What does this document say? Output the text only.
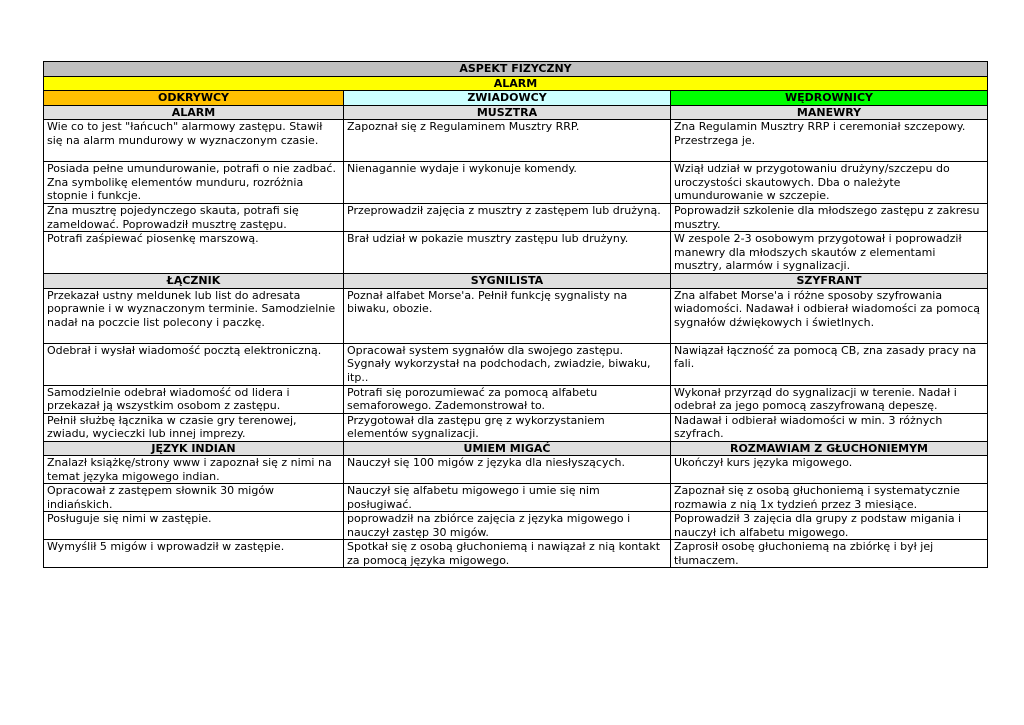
ASPEKT FIZYCZNY		
ALARM		
ODKRYWCY	ZWIADOWCY	WĘDROWNICY
ALARM	MUSZTRA	MANEWRY
Wie co to jest "łańcuch" alarmowy zastępu. Stawił się na alarm mundurowy w wyznaczonym czasie.	Zapoznał się z Regulaminem Musztry RRP.	Zna Regulamin Musztry RRP i ceremoniał szczepowy. Przestrzega je.
Posiada pełne umundurowanie, potrafi o nie zadbać. Zna symbolikę elementów munduru, rozróżnia stopnie i funkcje.	Nienagannie wydaje i wykonuje komendy.	Wziął udział w przygotowaniu drużyny/szczepu do uroczystości skautowych. Dba o należyte umundurowanie w szczepie.
Zna musztrę pojedynczego skauta, potrafi się zameldować. Poprowadził musztrę zastępu.	Przeprowadził zajęcia z musztry z zastępem lub drużyną.	Poprowadził szkolenie dla młodszego zastępu z zakresu musztry.
Potrafi zaśpiewać piosenkę marszową.	Brał udział w pokazie musztry zastępu lub drużyny.	W zespole 2-3 osobowym przygotował i poprowadził manewry dla młodszych skautów z elementami musztry, alarmów i sygnalizacji.
ŁĄCZNIK	SYGNILISTA	SZYFRANT
Przekazał ustny meldunek lub list do adresata poprawnie i w wyznaczonym terminie. Samodzielnie nadał na poczcie list polecony i paczkę.	Poznał alfabet Morse'a. Pełnił funkcję sygnalisty na biwaku, obozie.	Zna alfabet Morse'a i różne sposoby szyfrowania wiadomości. Nadawał i odbierał wiadomości za pomocą sygnałów dźwiękowych i świetlnych.
Odebrał i wysłał wiadomość pocztą elektroniczną.	Opracował system sygnałów dla swojego zastępu. Sygnały wykorzystał na podchodach, zwiadzie, biwaku, itp..	Nawiązał łączność za pomocą CB, zna zasady pracy na fali.
Samodzielnie odebrał wiadomość od lidera i przekazał ją wszystkim osobom z zastępu.	Potrafi się porozumiewać za pomocą alfabetu semaforowego. Zademonstrował to.	Wykonał przyrząd do sygnalizacji w terenie. Nadał i odebrał za jego pomocą zaszyfrowaną depeszę.
Pełnił służbę łącznika w czasie gry terenowej, zwiadu, wycieczki lub innej imprezy.	Przygotował dla zastępu grę z wykorzystaniem elementów sygnalizacji.	Nadawał i odbierał wiadomości w min. 3 różnych szyfrach.
JĘZYK INDIAN	UMIEM MIGAĆ	ROZMAWIAM Z GŁUCHONIEMYM
Znalazł książkę/strony www i zapoznał się z nimi na temat języka migowego indian.	Nauczył się 100 migów z języka dla niesłyszących.	Ukończył kurs języka migowego.
Opracował z zastępem słownik 30 migów indiańskich.	Nauczył się alfabetu migowego i umie się nim posługiwać.	Zapoznał się z osobą głuchoniemą i systematycznie rozmawia z nią 1x tydzień przez 3 miesiące.
Posługuje się nimi w zastępie.	poprowadził na zbiórce zajęcia z języka migowego i nauczył zastęp 30 migów.	Poprowadził 3 zajęcia dla grupy z podstaw migania i nauczył ich alfabetu migowego.
Wymyślił 5 migów i wprowadził w zastępie.	Spotkał się z osobą głuchoniemą i nawiązał z nią kontakt za pomocą języka migowego.	Zaprosił osobę głuchoniemą na zbiórkę i był jej tłumaczem.
